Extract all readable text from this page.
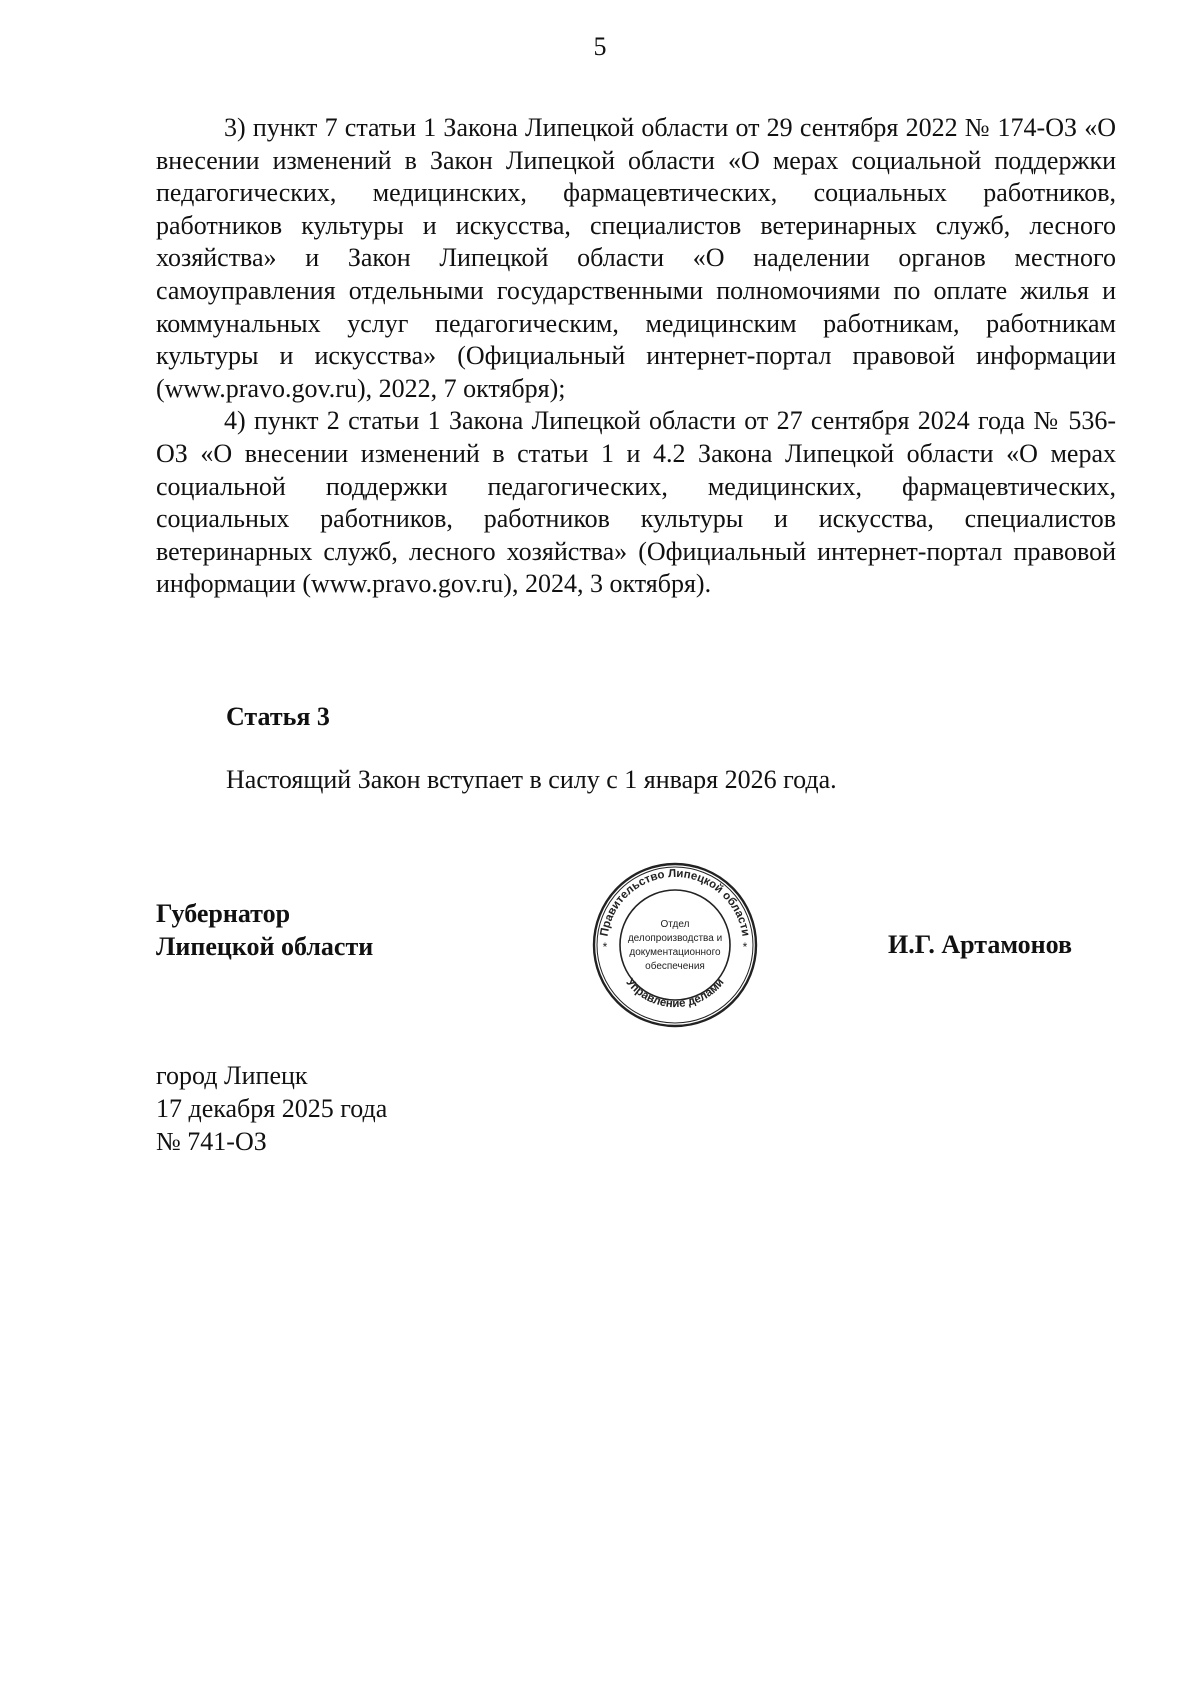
5

3) пункт 7 статьи 1 Закона Липецкой области от 29 сентября 2022 № 174-ОЗ «О внесении изменений в Закон Липецкой области «О мерах социальной поддержки педагогических, медицинских, фармацевтических, социальных работников, работников культуры и искусства, специалистов ветеринарных служб, лесного хозяйства» и Закон Липецкой области «О наделении органов местного самоуправления отдельными государственными полномочиями по оплате жилья и коммунальных услуг педагогическим, медицинским работникам, работникам культуры и искусства» (Официальный интернет-портал правовой информации (www.pravo.gov.ru), 2022, 7 октября);

4) пункт 2 статьи 1 Закона Липецкой области от 27 сентября 2024 года № 536-ОЗ «О внесении изменений в статьи 1 и 4.2 Закона Липецкой области «О мерах социальной поддержки педагогических, медицинских, фармацевтических, социальных работников, работников культуры и искусства, специалистов ветеринарных служб, лесного хозяйства» (Официальный интернет-портал правовой информации (www.pravo.gov.ru), 2024, 3 октября).

Статья 3
Настоящий Закон вступает в силу с 1 января 2026 года.
Губернатор
Липецкой области	Правительство Липецкой области
Управление делами
*	*
Отдел
делопроизводства и
документационного
обеспечения
И.Г. Артамонов
город Липецк
17 декабря 2025 года
№ 741-ОЗ
